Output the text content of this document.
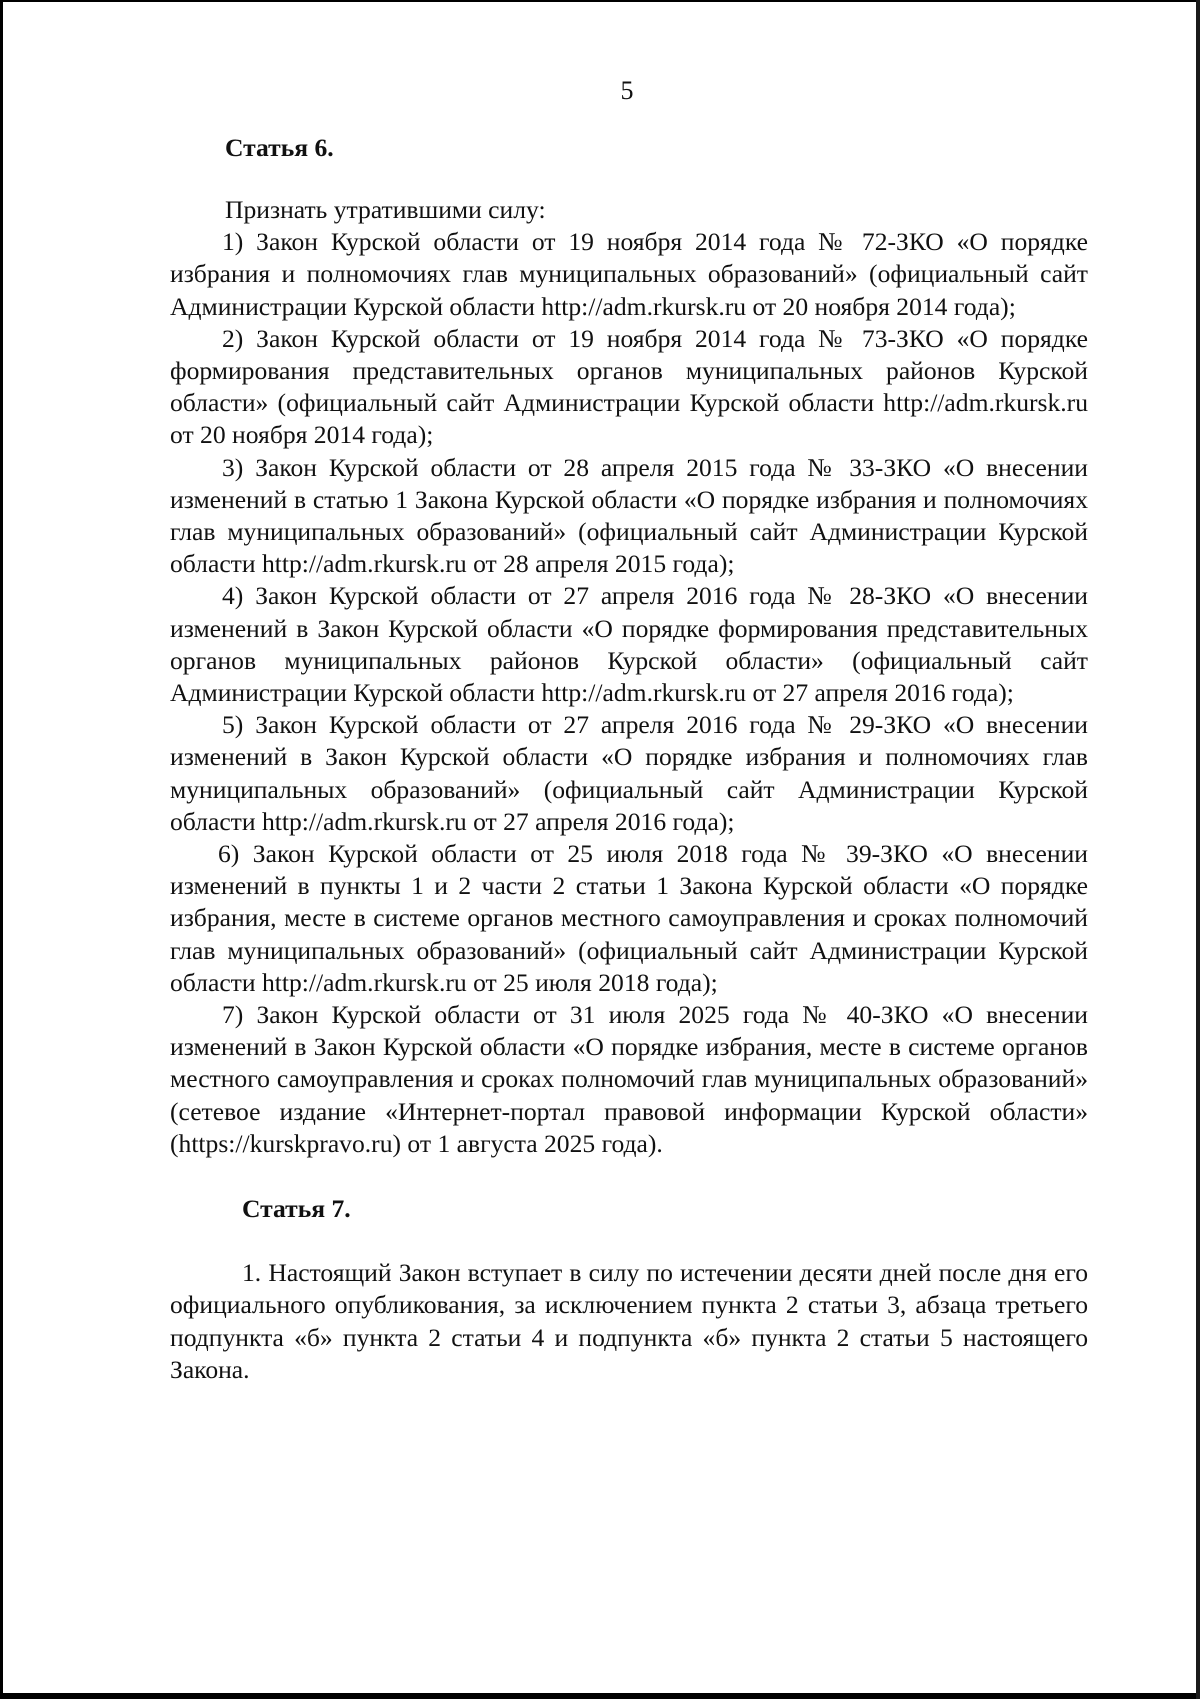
5

Статья 6.

Признать утратившими силу:

1) Закон Курской области от 19 ноября 2014 года № 72-ЗКО «О порядке избрания и полномочиях глав муниципальных образований» (официальный сайт Администрации Курской области http://adm.rkursk.ru от 20 ноября 2014 года);

2) Закон Курской области от 19 ноября 2014 года № 73-ЗКО «О порядке формирования представительных органов муниципальных районов Курской области» (официальный сайт Администрации Курской области http://adm.rkursk.ru от 20 ноября 2014 года);

3) Закон Курской области от 28 апреля 2015 года № 33-ЗКО «О внесении изменений в статью 1 Закона Курской области «О порядке избрания и полномочиях глав муниципальных образований» (официальный сайт Администрации Курской области http://adm.rkursk.ru от 28 апреля 2015 года);

4) Закон Курской области от 27 апреля 2016 года № 28-ЗКО «О внесении изменений в Закон Курской области «О порядке формирования представительных органов муниципальных районов Курской области» (официальный сайт Администрации Курской области http://adm.rkursk.ru от 27 апреля 2016 года);

5) Закон Курской области от 27 апреля 2016 года № 29-ЗКО «О внесении изменений в Закон Курской области «О порядке избрания и полномочиях глав муниципальных образований» (официальный сайт Администрации Курской области http://adm.rkursk.ru от 27 апреля 2016 года);

6) Закон Курской области от 25 июля 2018 года № 39-ЗКО «О внесении изменений в пункты 1 и 2 части 2 статьи 1 Закона Курской области «О порядке избрания, месте в системе органов местного самоуправления и сроках полномочий глав муниципальных образований» (официальный сайт Администрации Курской области http://adm.rkursk.ru от 25 июля 2018 года);

7) Закон Курской области от 31 июля 2025 года № 40-ЗКО «О внесении изменений в Закон Курской области «О порядке избрания, месте в системе органов местного самоуправления и сроках полномочий глав муниципальных образований» (сетевое издание «Интернет-портал правовой информации Курской области» (https://kurskpravo.ru) от 1 августа 2025 года).

Статья 7.

1. Настоящий Закон вступает в силу по истечении десяти дней после дня его официального опубликования, за исключением пункта 2 статьи 3, абзаца третьего подпункта «б» пункта 2 статьи 4 и подпункта «б» пункта 2 статьи 5 настоящего Закона.
